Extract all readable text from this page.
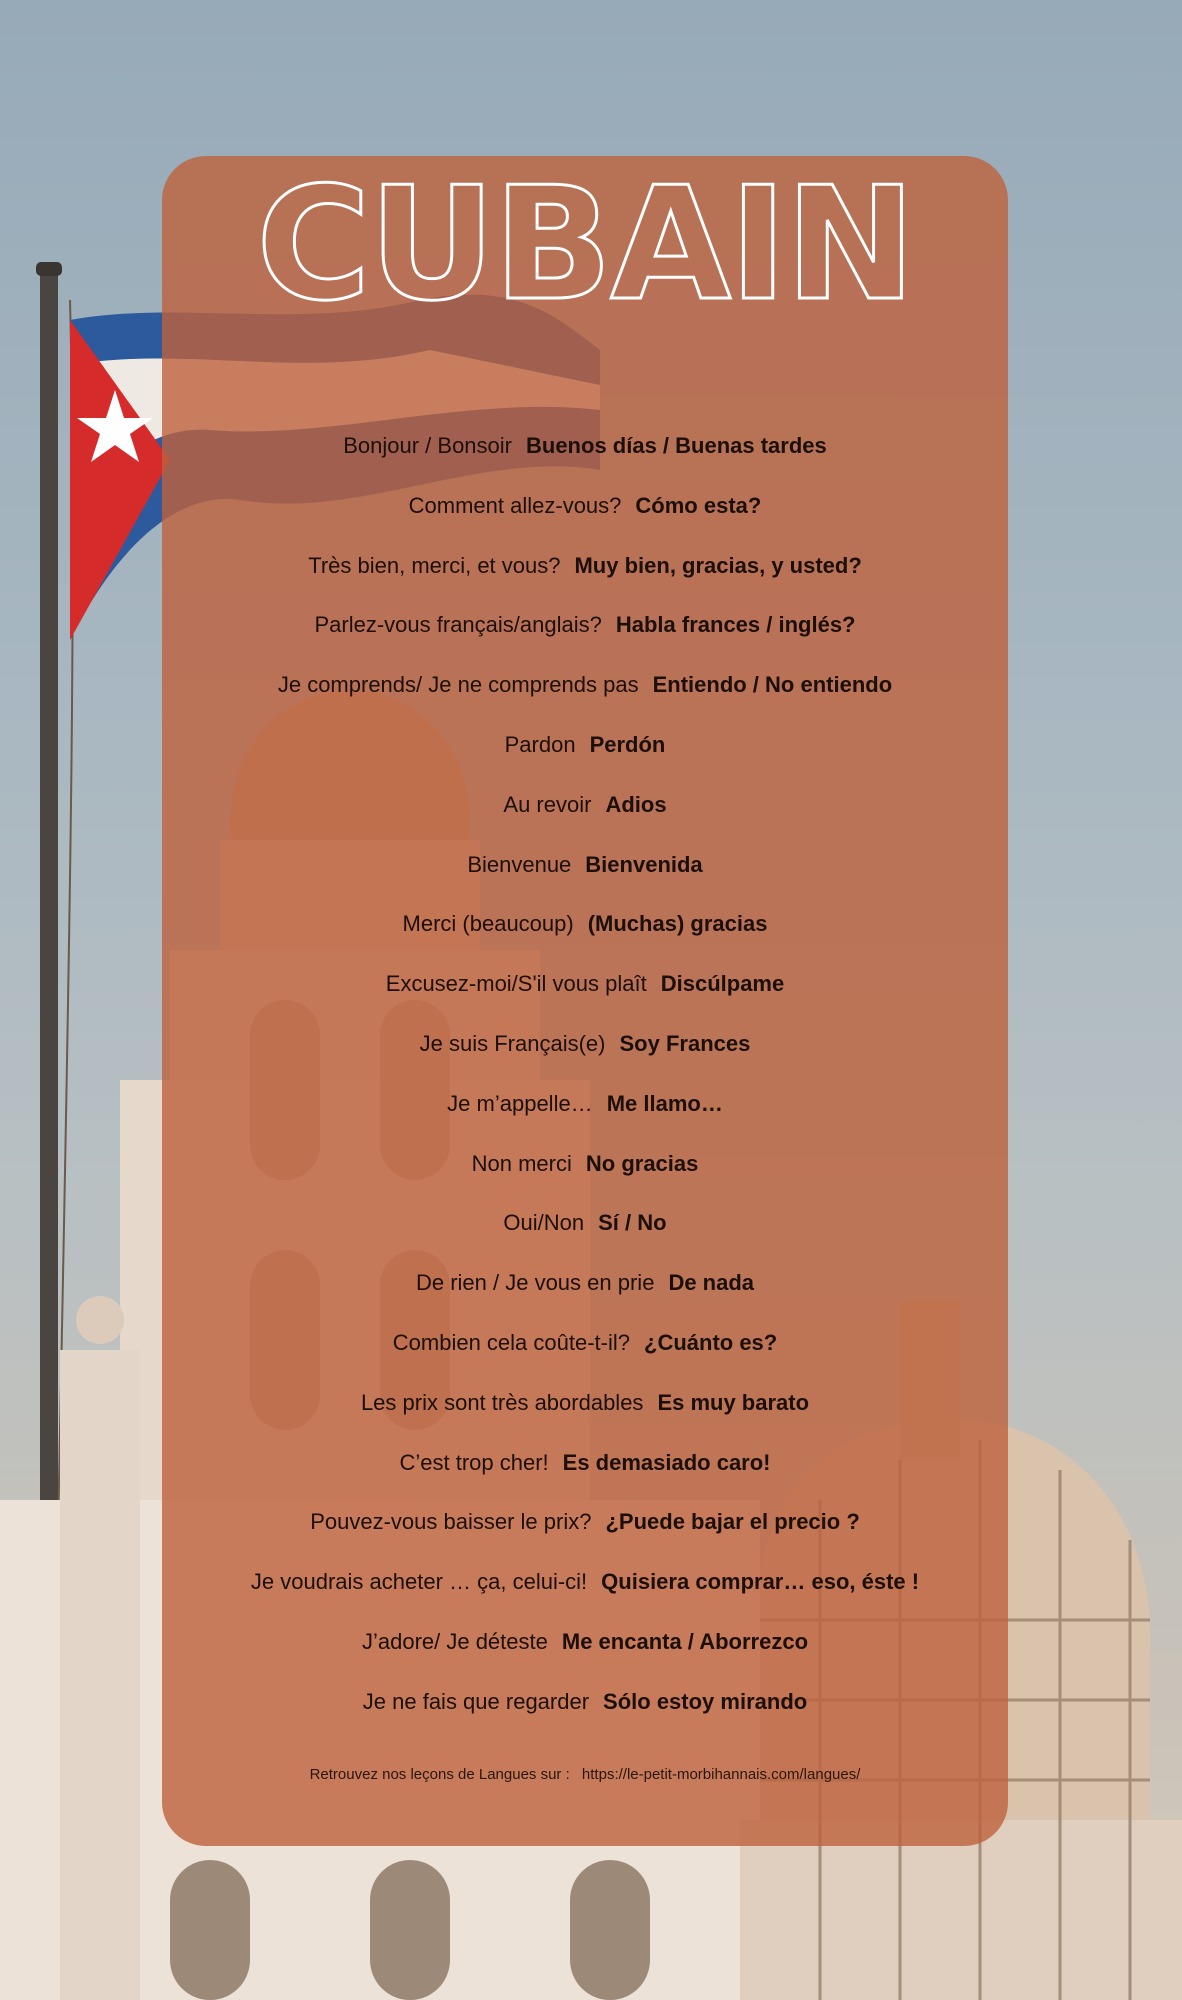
CUBAIN
Bonjour / Bonsoir Buenos días / Buenas tardes
Comment allez-vous? Cómo esta?
Très bien, merci, et vous? Muy bien, gracias, y usted?
Parlez-vous français/anglais? Habla frances / inglés?
Je comprends/ Je ne comprends pas Entiendo / No entiendo
Pardon Perdón
Au revoir Adios
Bienvenue Bienvenida
Merci (beaucoup) (Muchas) gracias
Excusez-moi/S'il vous plaît Discúlpame
Je suis Français(e) Soy Frances
Je m’appelle… Me llamo…
Non merci No gracias
Oui/Non Sí / No
De rien / Je vous en prie De nada
Combien cela coûte-t-il? ¿Cuánto es?
Les prix sont très abordables Es muy barato
C’est trop cher! Es demasiado caro!
Pouvez-vous baisser le prix? ¿Puede bajar el precio ?
Je voudrais acheter … ça, celui-ci! Quisiera comprar… eso, éste !
J’adore/ Je déteste Me encanta / Aborrezco
Je ne fais que regarder Sólo estoy mirando
Retrouvez nos leçons de Langues sur : https://le-petit-morbihannais.com/langues/
